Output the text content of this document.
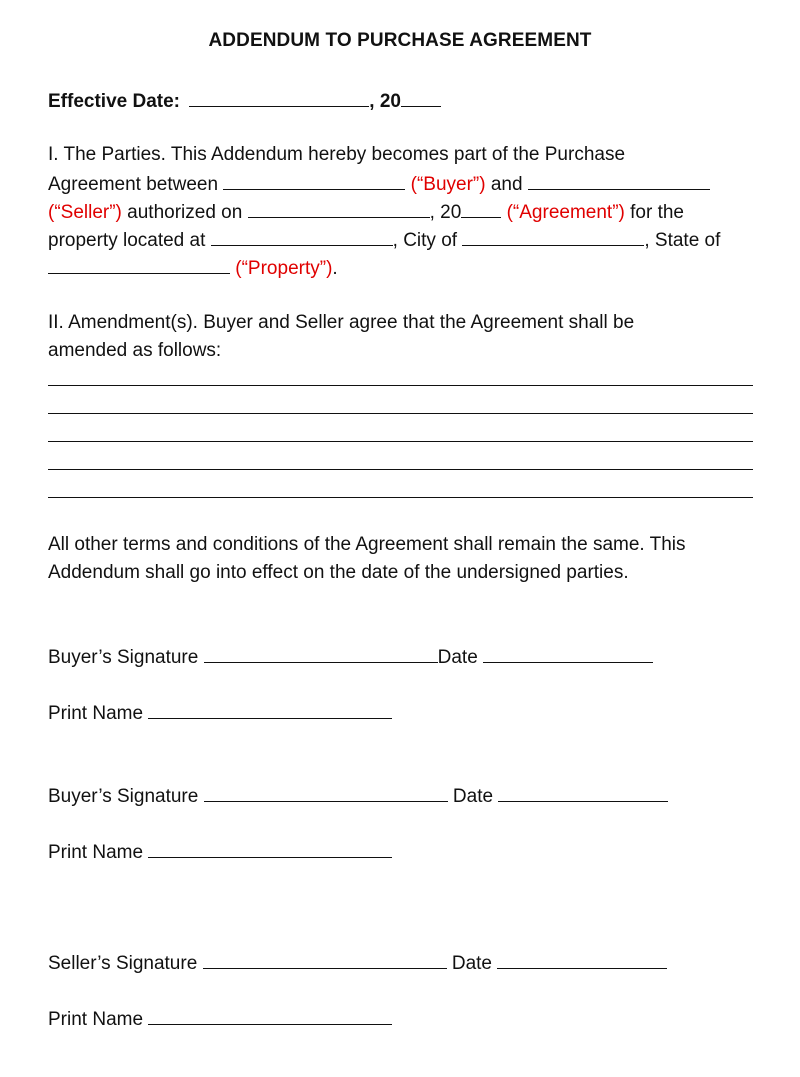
ADDENDUM TO PURCHASE AGREEMENT
Effective Date:	, 20
I. The Parties. This Addendum hereby becomes part of the Purchase
Agreement between	(“Buyer”) and
(“Seller”) authorized on	, 20 (“Agreement”) for the
property located at	, City of	, State of
(“Property”).
II. Amendment(s). Buyer and Seller agree that the Agreement shall be
amended as follows:
All other terms and conditions of the Agreement shall remain the same. This
Addendum shall go into effect on the date of the undersigned parties.
Buyer’s Signature	Date
Print Name
Buyer’s Signature	Date
Print Name
Seller’s Signature	Date
Print Name
